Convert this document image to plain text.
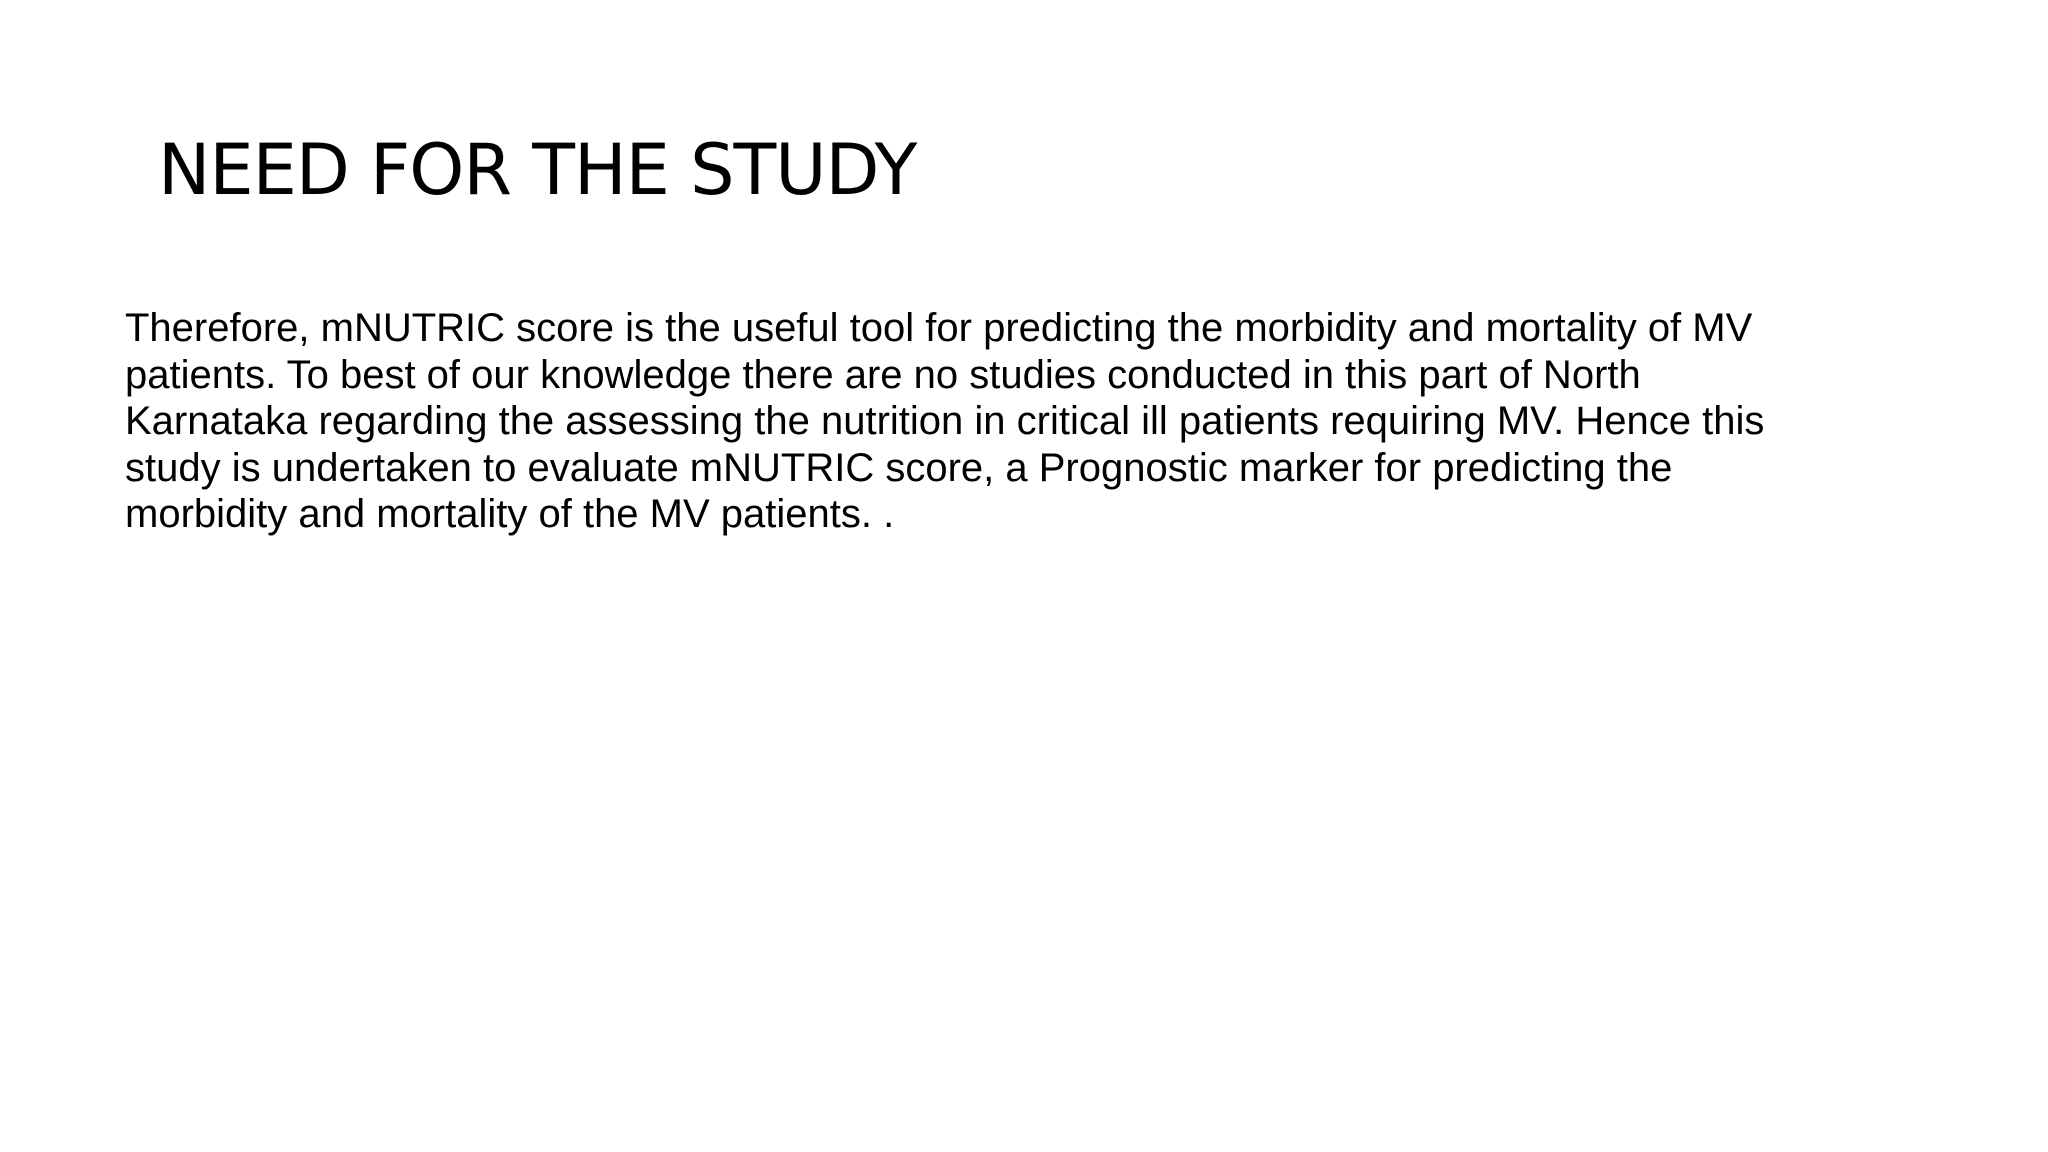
NEED FOR THE STUDY
Therefore, mNUTRIC score is the useful tool for predicting the morbidity and mortality of MV
patients. To best of our knowledge there are no studies conducted in this part of North
Karnataka regarding the assessing the nutrition in critical ill patients requiring MV. Hence this
study is undertaken to evaluate mNUTRIC score, a Prognostic marker for predicting the
morbidity and mortality of the MV patients. .
